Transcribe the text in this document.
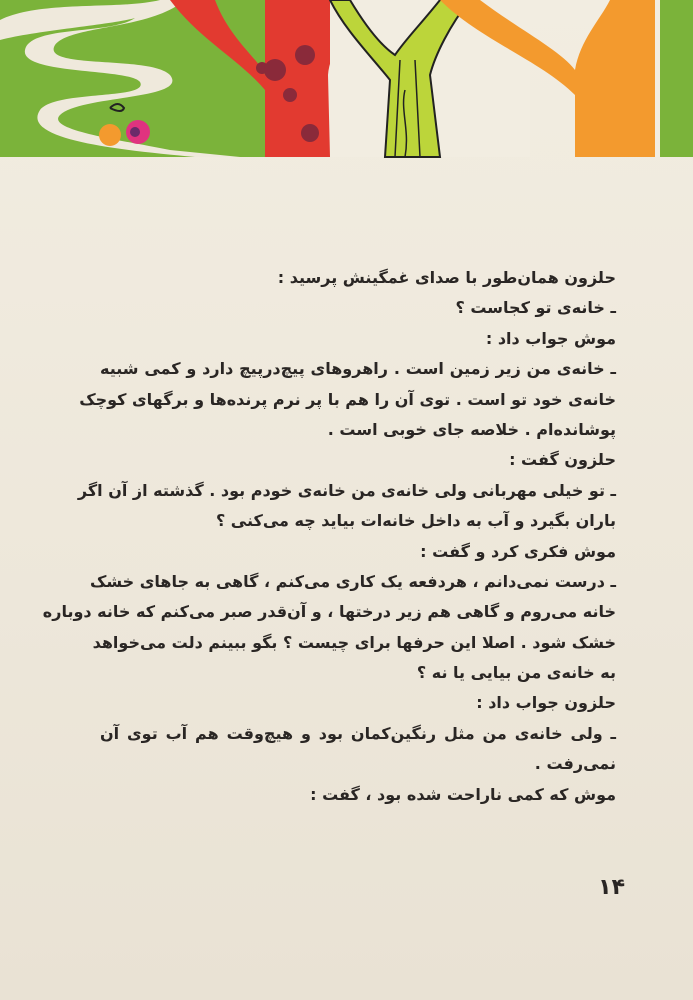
حلزون همان‌طور با صدای غمگینش پرسید :
ـ خانه‌ی تو کجاست ؟
موش جواب داد :
ـ خانه‌ی من زیر زمین است . راهروهای پیچ‌درپیچ دارد و کمی شبیه
خانه‌ی خود تو است . توی آن را هم با پر نرم پرنده‌ها و برگهای کوچک
پوشانده‌ام . خلاصه جای خوبی است .
حلزون گفت :
ـ تو خیلی مهربانی ولی خانه‌ی من خانه‌ی خودم بود . گذشته از آن اگر
باران بگیرد و آب به داخل خانه‌ات بیاید چه می‌کنی ؟
موش فکری کرد و گفت :
ـ درست نمی‌دانم ، هردفعه یک کاری می‌کنم ، گاهی به جاهای خشک
خانه می‌روم و گاهی هم زیر درختها ، و آن‌قدر صبر می‌کنم که خانه دوباره
خشک شود . اصلا این حرفها برای چیست ؟ بگو ببینم دلت می‌خواهد
به خانه‌ی من بیایی یا نه ؟
حلزون جواب داد :
ـ ولی خانه‌ی من مثل رنگین‌کمان بود و هیچ‌وقت هم آب توی آن
نمی‌رفت .
موش که کمی ناراحت شده بود ، گفت :
۱۴
